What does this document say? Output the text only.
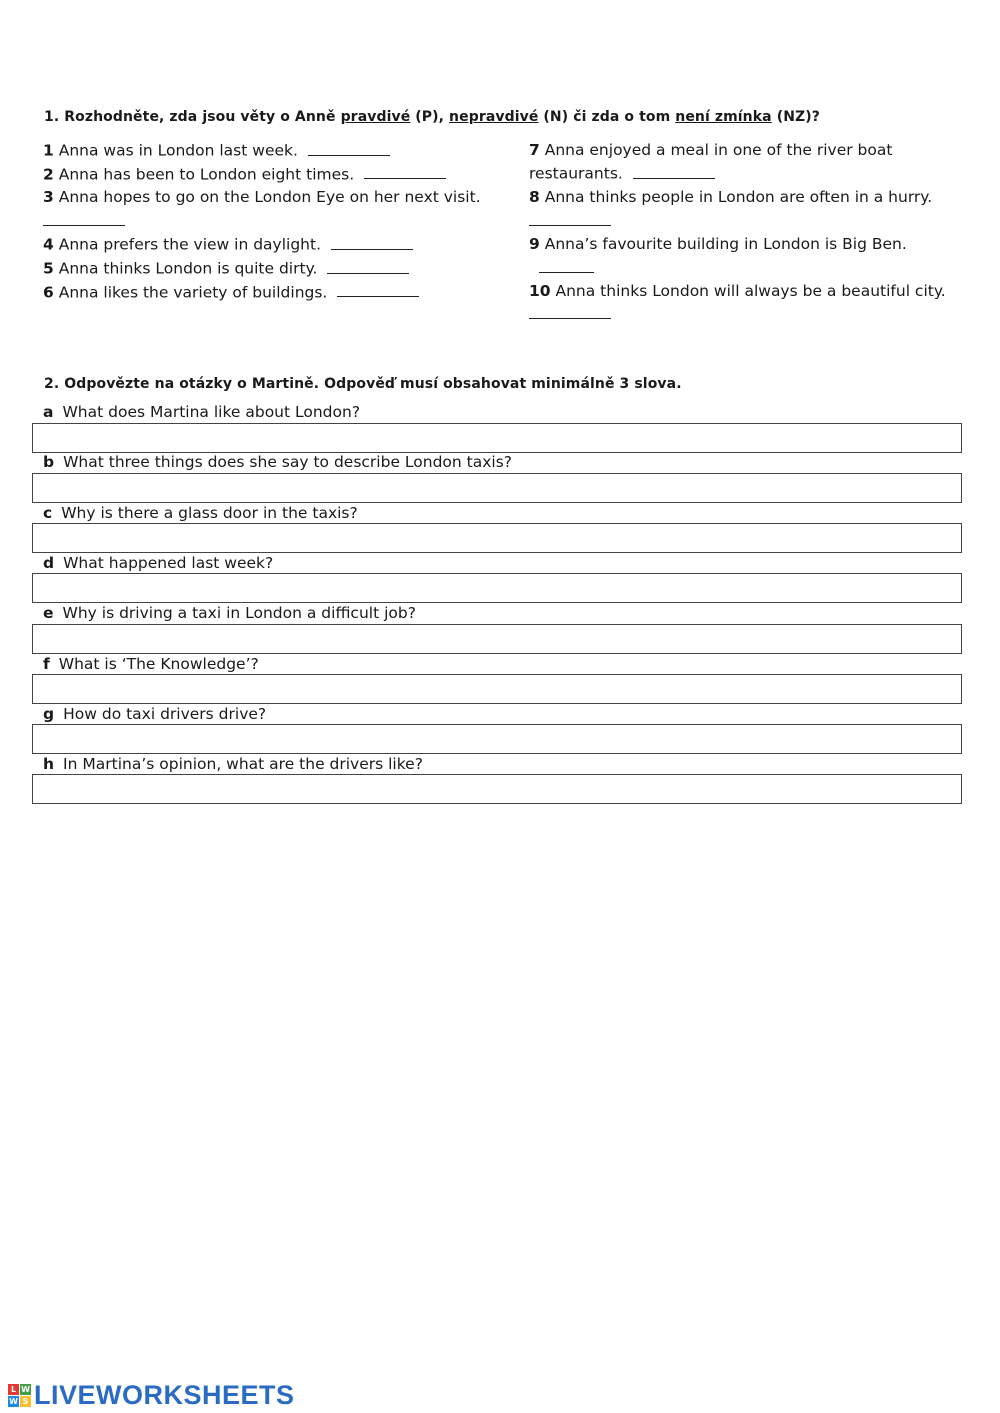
1. Rozhodněte, zda jsou věty o Anně pravdivé (P), nepravdivé (N) či zda o tom není zmínka (NZ)?
1 Anna was in London last week.
2 Anna has been to London eight times.
3 Anna hopes to go on the London Eye on her next visit.

4 Anna prefers the view in daylight.
5 Anna thinks London is quite dirty.
6 Anna likes the variety of buildings.
7 Anna enjoyed a meal in one of the river boat restaurants.
8 Anna thinks people in London are often in a hurry.

9 Anna’s favourite building in London is Big Ben.
10 Anna thinks London will always be a beautiful city.

2. Odpovězte na otázky o Martině. Odpověď musí obsahovat minimálně 3 slova.
a What does Martina like about London?
b What three things does she say to describe London taxis?
c Why is there a glass door in the taxis?
d What happened last week?
e Why is driving a taxi in London a difficult job?
f What is ‘The Knowledge’?
g How do taxi drivers drive?
h In Martina’s opinion, what are the drivers like?
L W
W S LIVEWORKSHEETS
